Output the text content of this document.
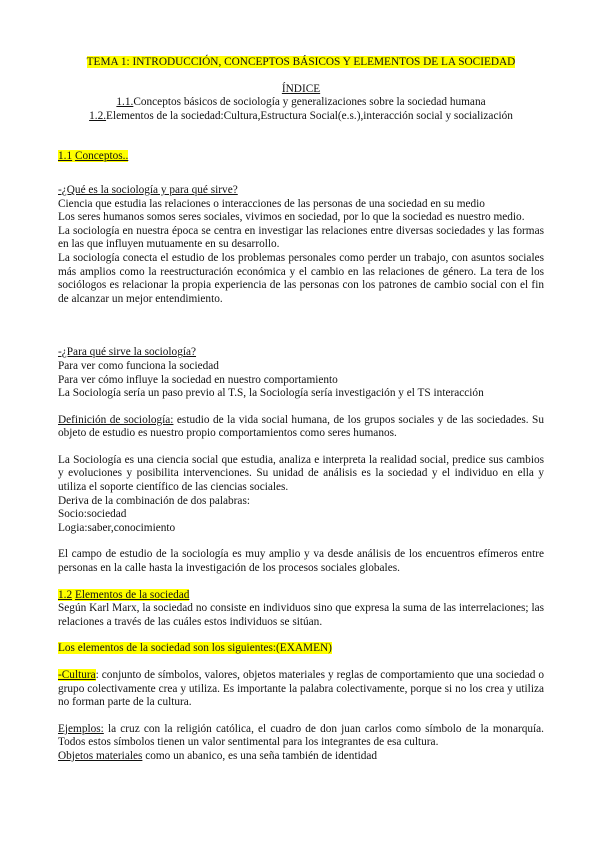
TEMA 1: INTRODUCCIÓN, CONCEPTOS BÁSICOS Y ELEMENTOS DE LA SOCIEDAD

ÍNDICE

1.1.Conceptos básicos de sociología y generalizaciones sobre la sociedad humana

1.2.Elementos de la sociedad:Cultura,Estructura Social(e.s.),interacción social y socialización

1.1 Conceptos..

-¿Qué es la sociología y para qué sirve?

Ciencia que estudia las relaciones o interacciones de las personas de una sociedad en su medio

Los seres humanos somos seres sociales, vivimos en sociedad, por lo que la sociedad es nuestro medio.

La sociología en nuestra época se centra en investigar las relaciones entre diversas sociedades y las formas en las que influyen mutuamente en su desarrollo.

La sociología conecta el estudio de los problemas personales como perder un trabajo, con asuntos sociales más amplios como la reestructuración económica y el cambio en las relaciones de género. La tera de los sociólogos es relacionar la propia experiencia de las personas con los patrones de cambio social con el fin de alcanzar un mejor entendimiento.

-¿Para qué sirve la sociología?

Para ver como funciona la sociedad

Para ver cómo influye la sociedad en nuestro comportamiento

La Sociología sería un paso previo al T.S, la Sociología sería investigación y el TS interacción

Definición de sociología: estudio de la vida social humana, de los grupos sociales y de las sociedades. Su objeto de estudio es nuestro propio comportamientos como seres humanos.

La Sociología es una ciencia social que estudia, analiza e interpreta la realidad social, predice sus cambios y evoluciones y posibilita intervenciones. Su unidad de análisis es la sociedad y el individuo en ella y utiliza el soporte científico de las ciencias sociales.

Deriva de la combinación de dos palabras:

Socio:sociedad

Logia:saber,conocimiento

El campo de estudio de la sociología es muy amplio y va desde análisis de los encuentros efímeros entre personas en la calle hasta la investigación de los procesos sociales globales.

1.2 Elementos de la sociedad

Según Karl Marx, la sociedad no consiste en individuos sino que expresa la suma de las interrelaciones; las relaciones a través de las cuáles estos individuos se sitúan.

Los elementos de la sociedad son los siguientes:(EXAMEN)

-Cultura: conjunto de símbolos, valores, objetos materiales y reglas de comportamiento que una sociedad o grupo colectivamente crea y utiliza. Es importante la palabra colectivamente, porque si no los crea y utiliza no forman parte de la cultura.

Ejemplos: la cruz con la religión católica, el cuadro de don juan carlos como símbolo de la monarquía. Todos estos símbolos tienen un valor sentimental para los integrantes de esa cultura.

Objetos materiales como un abanico, es una seña también de identidad
